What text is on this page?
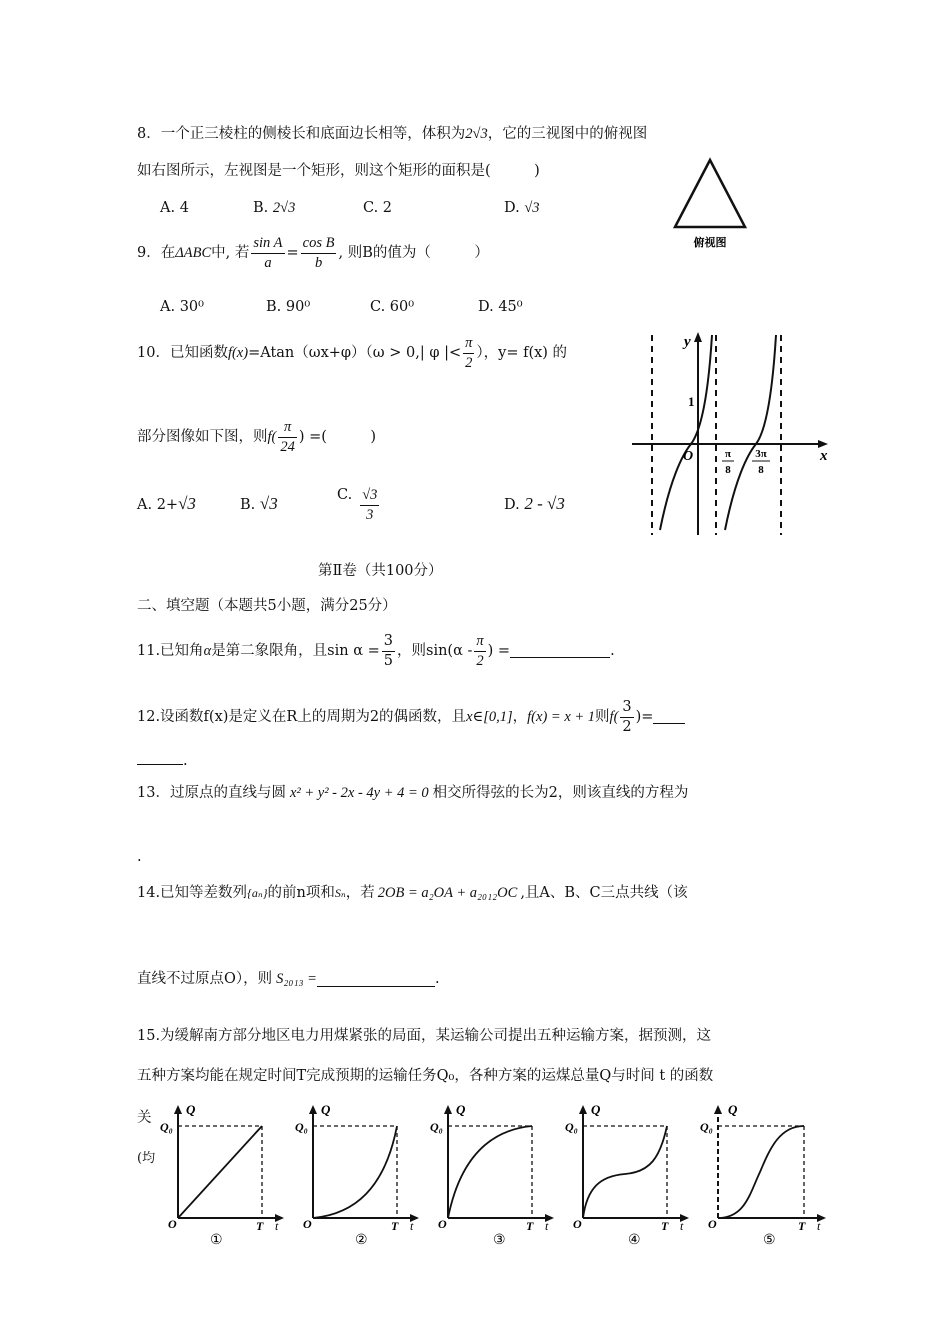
8．一个正三棱柱的侧棱长和底面边长相等，体积为2√3，它的三视图中的俯视图
如右图所示，左视图是一个矩形，则这个矩形的面积是(　　　)
A. 4	B. 2√3	C. 2	D. √3
俯视图
9．在 ΔABC 中, 若 $\frac{\text{sin A}}{a} = \frac{\text{cos B}}{b}$ , 则B的值为（　　　）
A. 30⁰	B. 90⁰	C. 60⁰	D. 45⁰
10．已知函数 f(x) =Atan（ωx+φ）（ω > 0,| φ |< $\frac{\pi}{2}$ ），y= f(x) 的
部分图像如下图，则 $f( \frac{\pi}{24}$ ) =(　　　)
A. 2+√3	B. √3	C. $\frac{√3}{3}$	D. 2 - √3
y
1
O	x
π
8
3π
8
第Ⅱ卷（共100分）
二、填空题（本题共5小题，满分25分）
11.已知角 α 是第二象限角，且$\sin \alpha = \frac{3}{5}$ ，则$\sin(\alpha - \frac{\pi}{2}$ ) =	.
12.设函数f(x)是定义在R上的周期为2的偶函数，且 x∈[0,1] ， f(x) = x + 1 则 $f( \frac{3}{2}$ )=
.
13．过原点的直线与圆 x² + y² - 2x - 4y + 4 = 0 相交所得弦的长为2，则该直线的方程为
.
14.已知等差数列{aₙ}的前n项和Sₙ，若 2OB = a₂OA + a₂₀₁₂OC ,且A、B、C三点共线（该
直线不过原点O），则 S₂₀₁₃ =	.
15.为缓解南方部分地区电力用煤紧张的局面，某运输公司提出五种运输方案，据预测，这
五种方案均能在规定时间T完成预期的运输任务Q₀，各种方案的运煤总量Q与时间 t 的函数
关
(均
Q
Q₀
O	T t
①
Q
Q₀
O	T t
②
Q
Q₀
O	T t
③
Q
Q₀
O	T t
④
Q
Q₀
O	T t
⑤
